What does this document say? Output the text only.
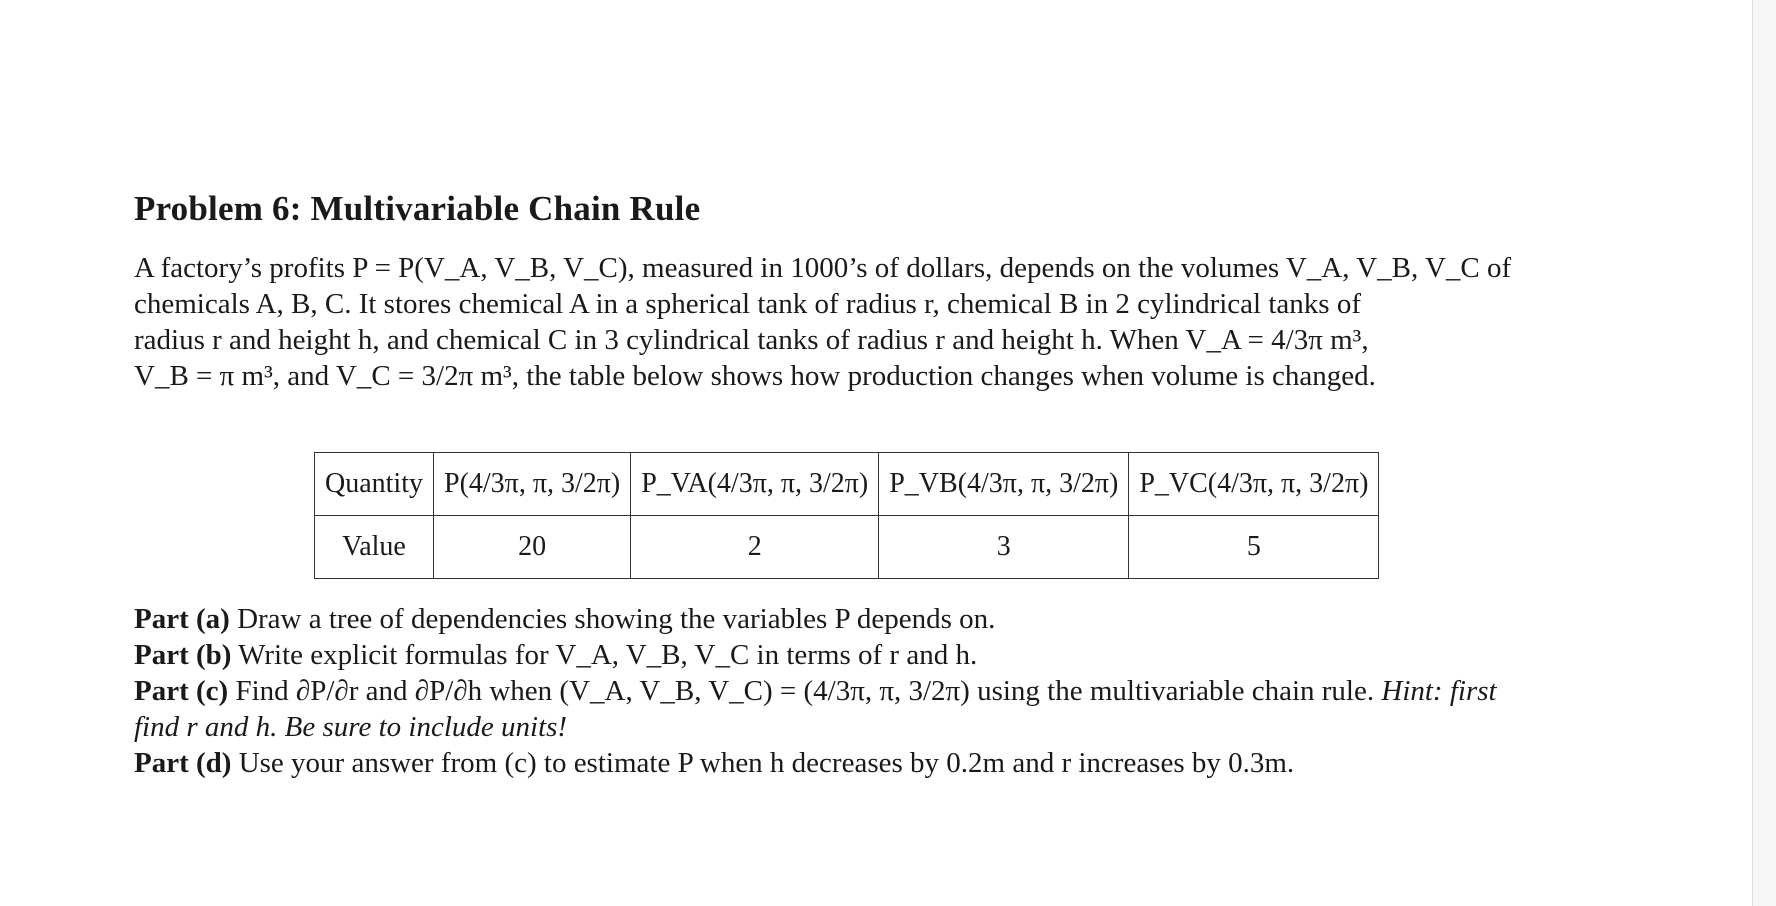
Problem 6: Multivariable Chain Rule
A factory’s profits P = P(V_A, V_B, V_C), measured in 1000’s of dollars, depends on the volumes V_A, V_B, V_C of
chemicals A, B, C. It stores chemical A in a spherical tank of radius r, chemical B in 2 cylindrical tanks of
radius r and height h, and chemical C in 3 cylindrical tanks of radius r and height h. When V_A = 4/3π m³,
V_B = π m³, and V_C = 3/2π m³, the table below shows how production changes when volume is changed.
Quantity	P(4/3π, π, 3/2π)	P_VA(4/3π, π, 3/2π)	P_VB(4/3π, π, 3/2π)	P_VC(4/3π, π, 3/2π)
Value	20	2	3	5
Part (a) Draw a tree of dependencies showing the variables P depends on.
Part (b) Write explicit formulas for V_A, V_B, V_C in terms of r and h.
Part (c) Find ∂P/∂r and ∂P/∂h when (V_A, V_B, V_C) = (4/3π, π, 3/2π) using the multivariable chain rule. Hint: first
find r and h. Be sure to include units!
Part (d) Use your answer from (c) to estimate P when h decreases by 0.2m and r increases by 0.3m.
